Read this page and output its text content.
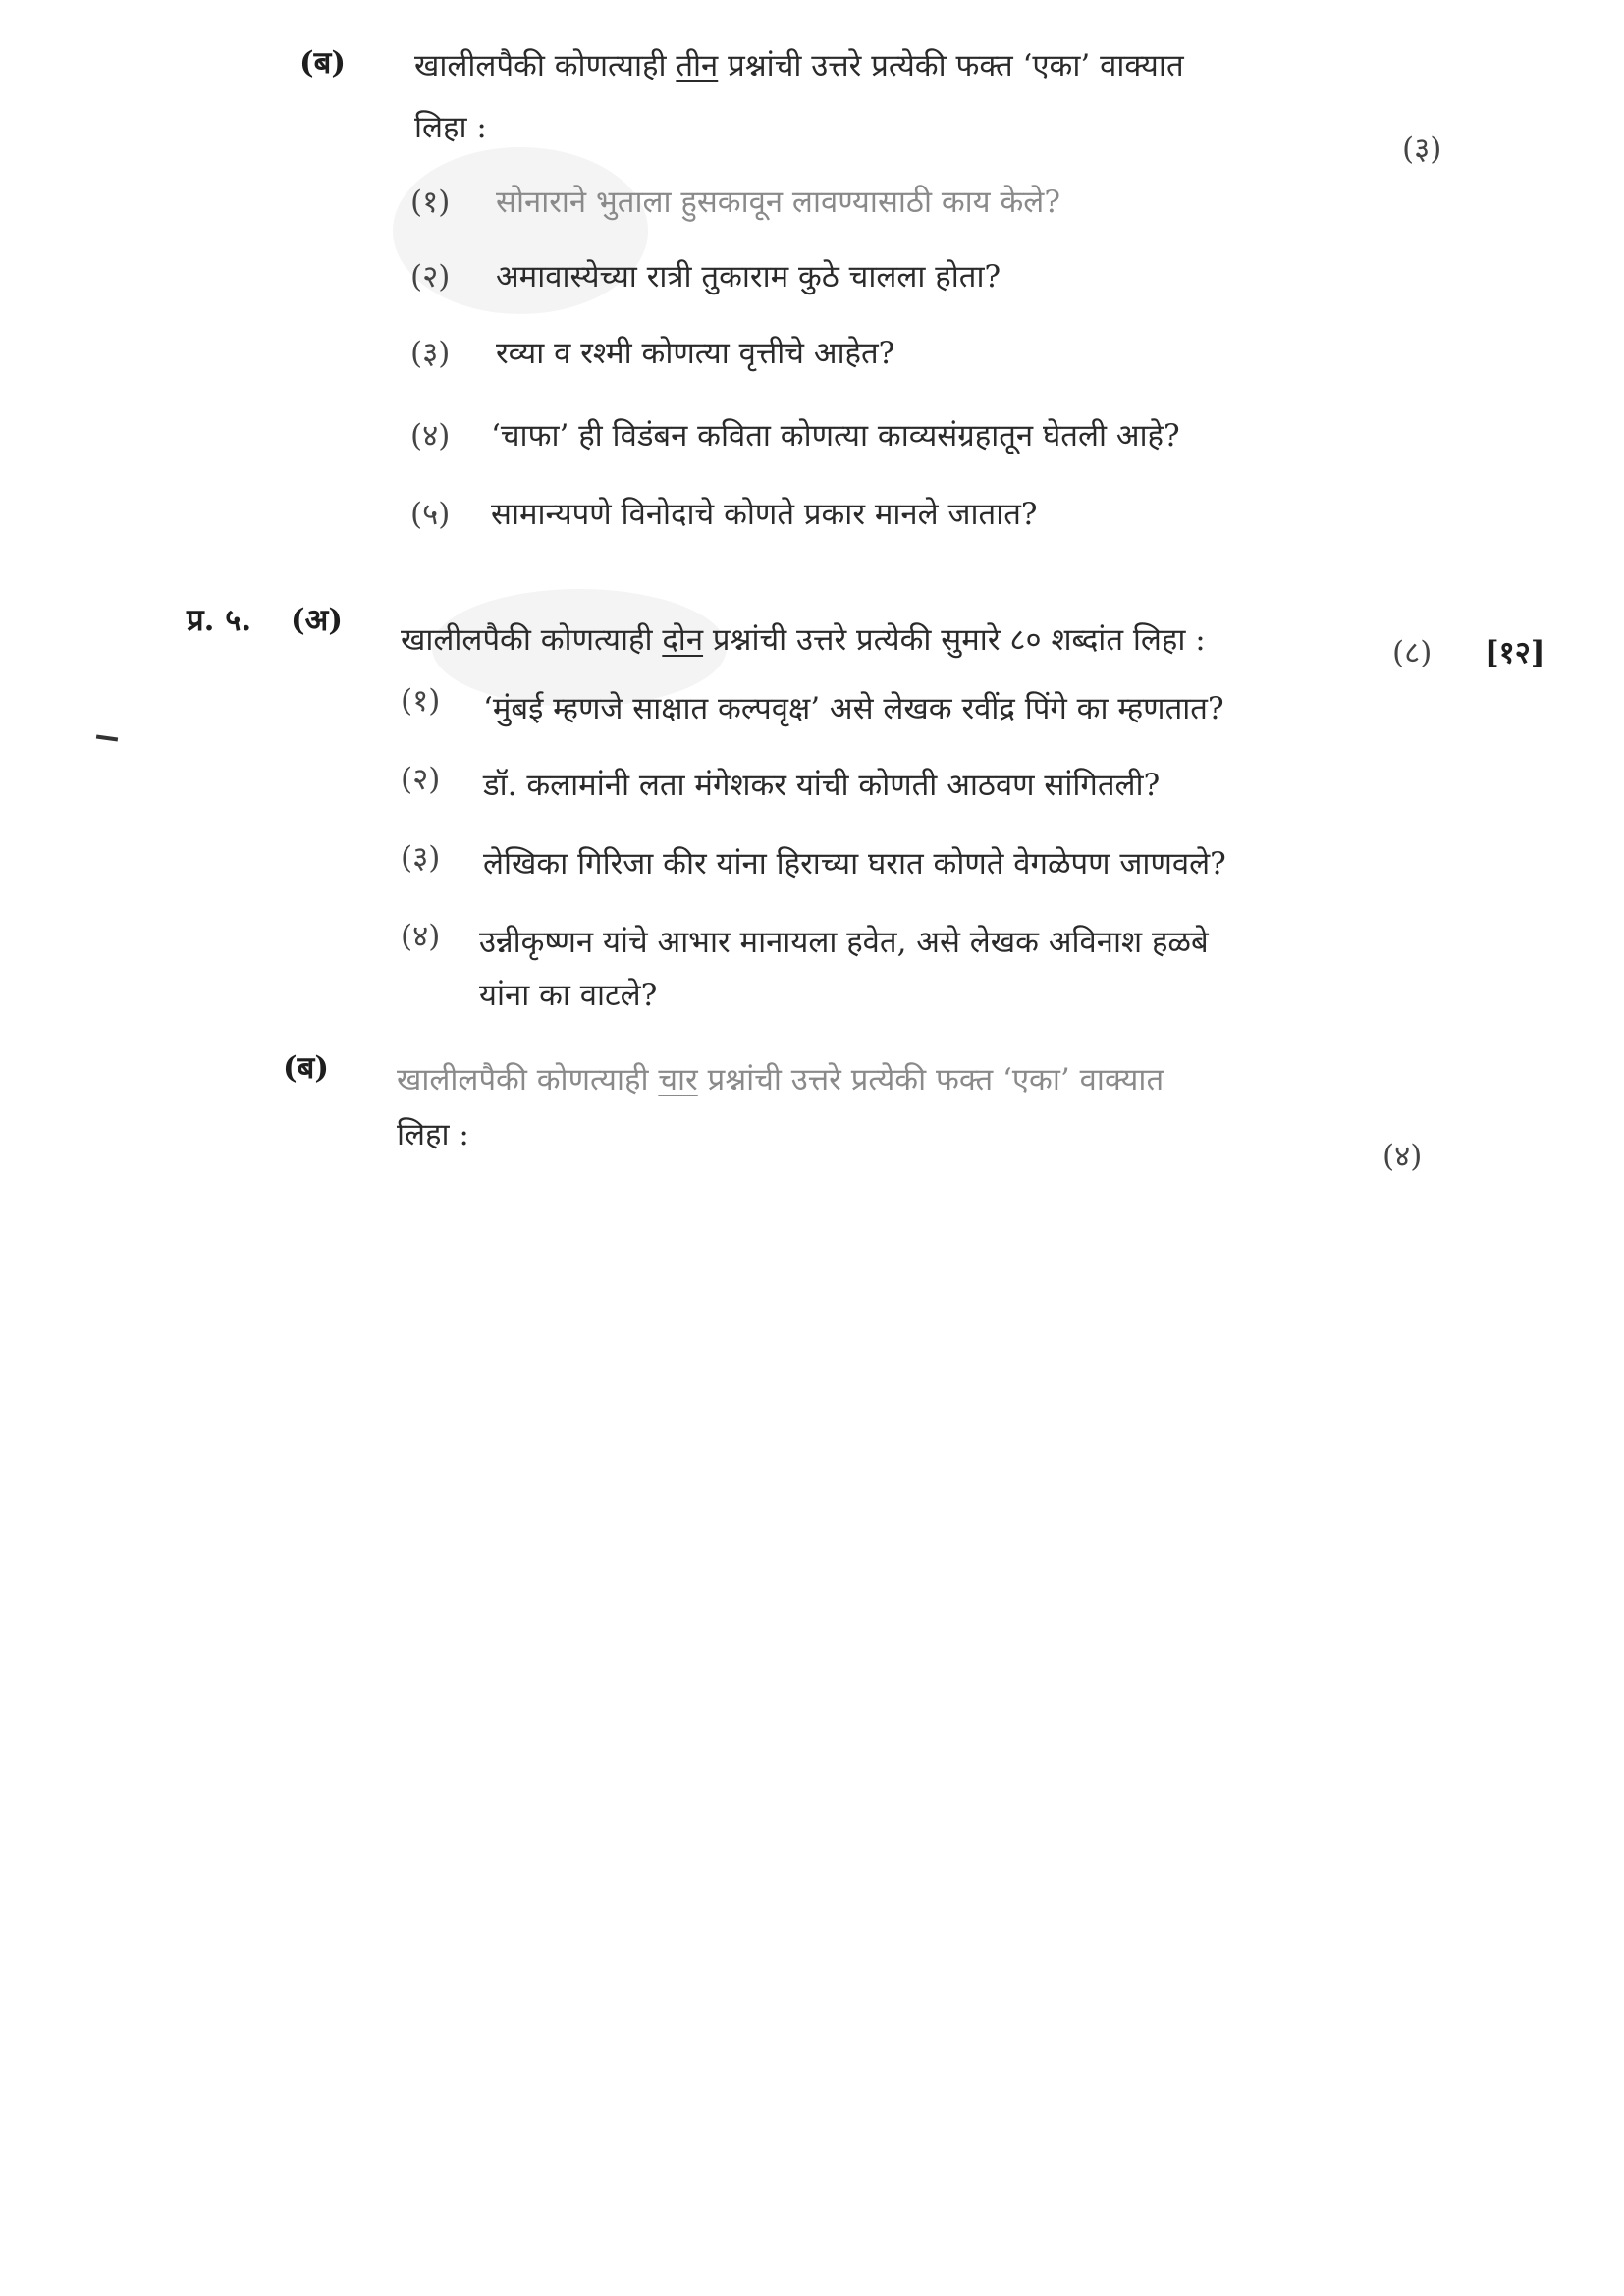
(ब) खालीलपैकी कोणत्याही तीन प्रश्नांची उत्तरे प्रत्येकी फक्त ‘एका’ वाक्यात
लिहा :
(३)
(१) सोनाराने भुताला हुसकावून लावण्यासाठी काय केले?
(२) अमावास्येच्या रात्री तुकाराम कुठे चालला होता?
(३) रव्या व रश्मी कोणत्या वृत्तीचे आहेत?
(४) ‘चाफा’ ही विडंबन कविता कोणत्या काव्यसंग्रहातून घेतली आहे?
(५) सामान्यपणे विनोदाचे कोणते प्रकार मानले जातात?
प्र. ५. (अ)
खालीलपैकी कोणत्याही दोन प्रश्नांची उत्तरे प्रत्येकी सुमारे ८० शब्दांत लिहा :	(८) [१२]
(१) ‘मुंबई म्हणजे साक्षात कल्पवृक्ष’ असे लेखक रवींद्र पिंगे का म्हणतात?
(२) डॉ. कलामांनी लता मंगेशकर यांची कोणती आठवण सांगितली?
(३) लेखिका गिरिजा कीर यांना हिराच्या घरात कोणते वेगळेपण जाणवले?
(४) उन्नीकृष्णन यांचे आभार मानायला हवेत, असे लेखक अविनाश हळबे
यांना का वाटले?
(ब) खालीलपैकी कोणत्याही चार प्रश्नांची उत्तरे प्रत्येकी फक्त ‘एका’ वाक्यात
लिहा :
(४)
